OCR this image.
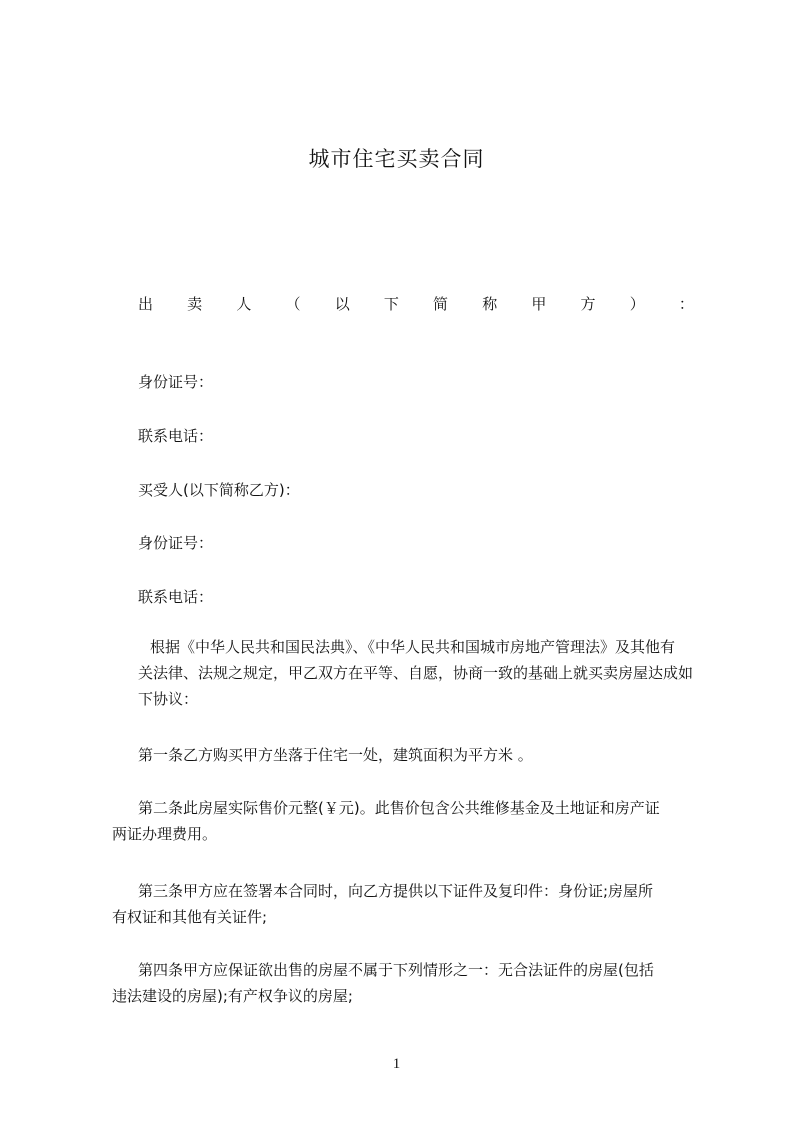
城市住宅买卖合同
出 卖 人 （ 以 下 简 称 甲 方 ） ：
身份证号：
联系电话：
买受人(以下简称乙方)：
身份证号：
联系电话：
根据《中华人民共和国民法典》、《中华人民共和国城市房地产管理法》及其他有
关法律、法规之规定，甲乙双方在平等、自愿，协商一致的基础上就买卖房屋达成如
下协议：
第一条乙方购买甲方坐落于住宅一处，建筑面积为平方米 。
第二条此房屋实际售价元整(￥元)。此售价包含公共维修基金及土地证和房产证
两证办理费用。
第三条甲方应在签署本合同时，向乙方提供以下证件及复印件：身份证;房屋所
有权证和其他有关证件;
第四条甲方应保证欲出售的房屋不属于下列情形之一：无合法证件的房屋(包括
违法建设的房屋);有产权争议的房屋;
1
